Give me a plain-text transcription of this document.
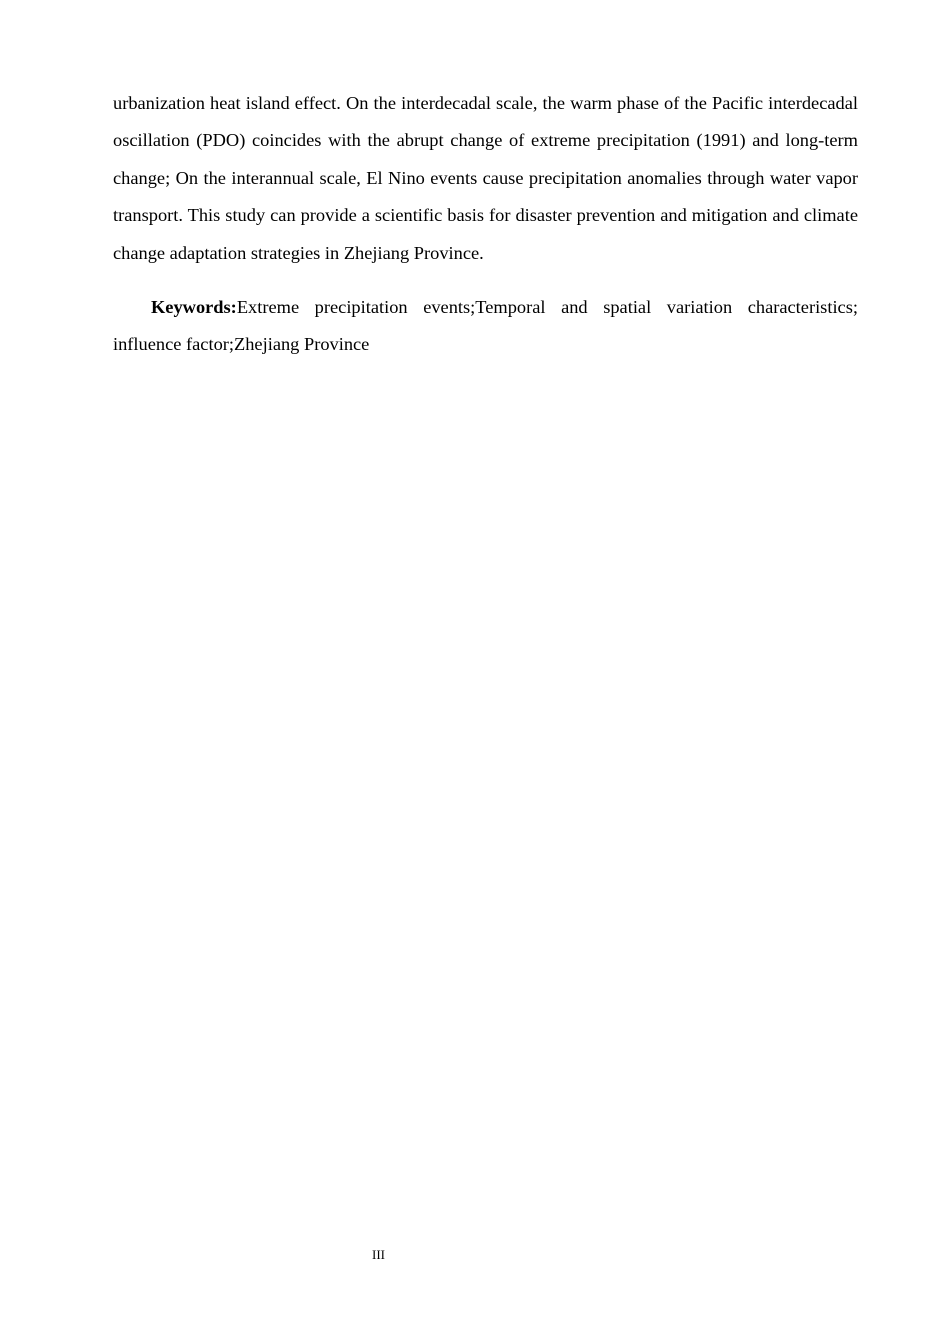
urbanization heat island effect. On the interdecadal scale, the warm phase of the Pacific interdecadal oscillation (PDO) coincides with the abrupt change of extreme precipitation (1991) and long-term change; On the interannual scale, El Nino events cause precipitation anomalies through water vapor transport. This study can provide a scientific basis for disaster prevention and mitigation and climate change adaptation strategies in Zhejiang Province.

Keywords:Extreme precipitation events;Temporal and spatial variation characteristics; influence factor;Zhejiang Province

III
